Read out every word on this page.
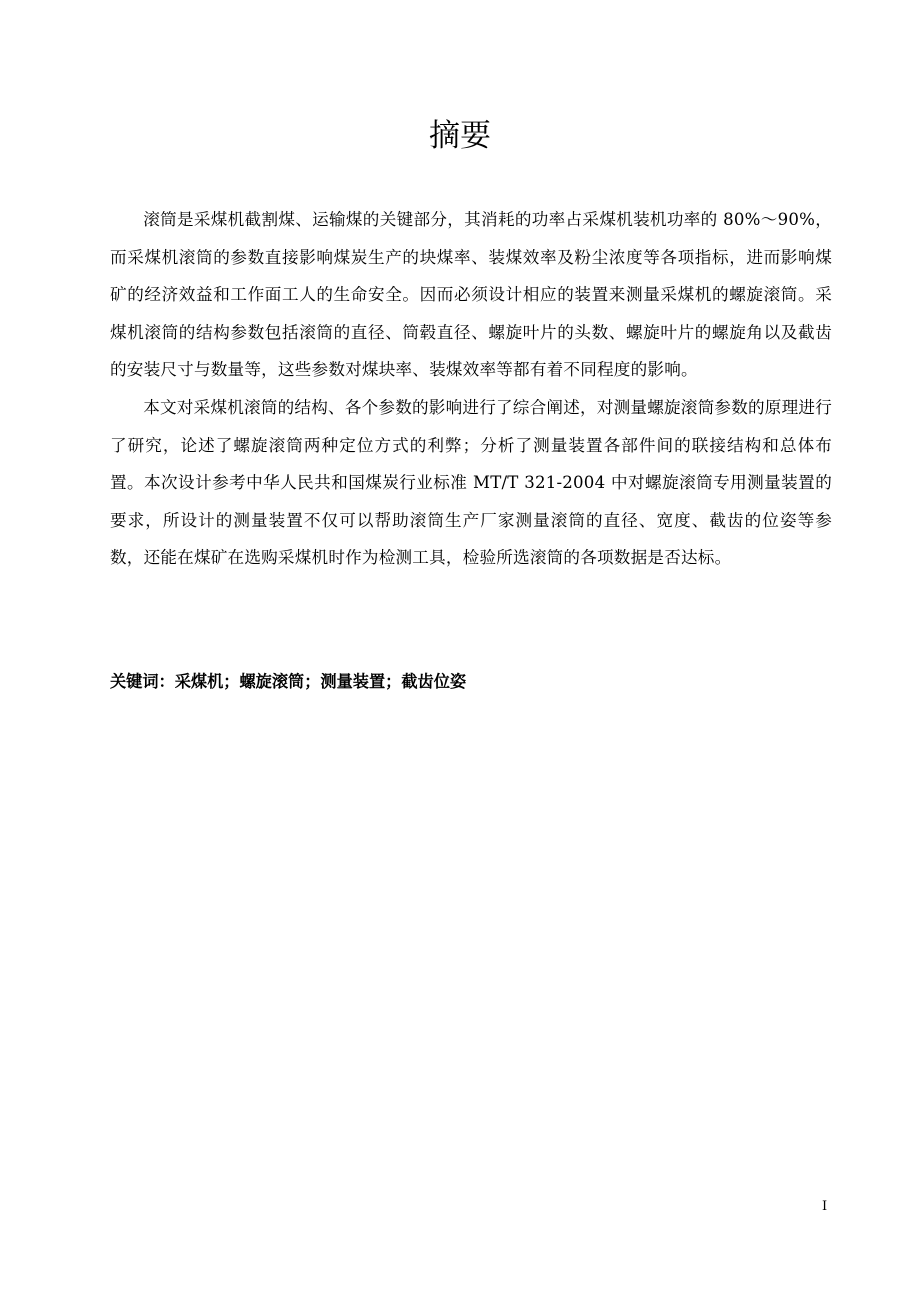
摘要

滚筒是采煤机截割煤、运输煤的关键部分，其消耗的功率占采煤机装机功率的 80%～90%，而采煤机滚筒的参数直接影响煤炭生产的块煤率、装煤效率及粉尘浓度等各项指标，进而影响煤矿的经济效益和工作面工人的生命安全。因而必须设计相应的装置来测量采煤机的螺旋滚筒。采煤机滚筒的结构参数包括滚筒的直径、筒毂直径、螺旋叶片的头数、螺旋叶片的螺旋角以及截齿的安装尺寸与数量等，这些参数对煤块率、装煤效率等都有着不同程度的影响。

本文对采煤机滚筒的结构、各个参数的影响进行了综合阐述，对测量螺旋滚筒参数的原理进行了研究，论述了螺旋滚筒两种定位方式的利弊；分析了测量装置各部件间的联接结构和总体布置。本次设计参考中华人民共和国煤炭行业标准 MT/T 321-2004 中对螺旋滚筒专用测量装置的要求，所设计的测量装置不仅可以帮助滚筒生产厂家测量滚筒的直径、宽度、截齿的位姿等参数，还能在煤矿在选购采煤机时作为检测工具，检验所选滚筒的各项数据是否达标。

关键词：采煤机；螺旋滚筒；测量装置；截齿位姿

I
